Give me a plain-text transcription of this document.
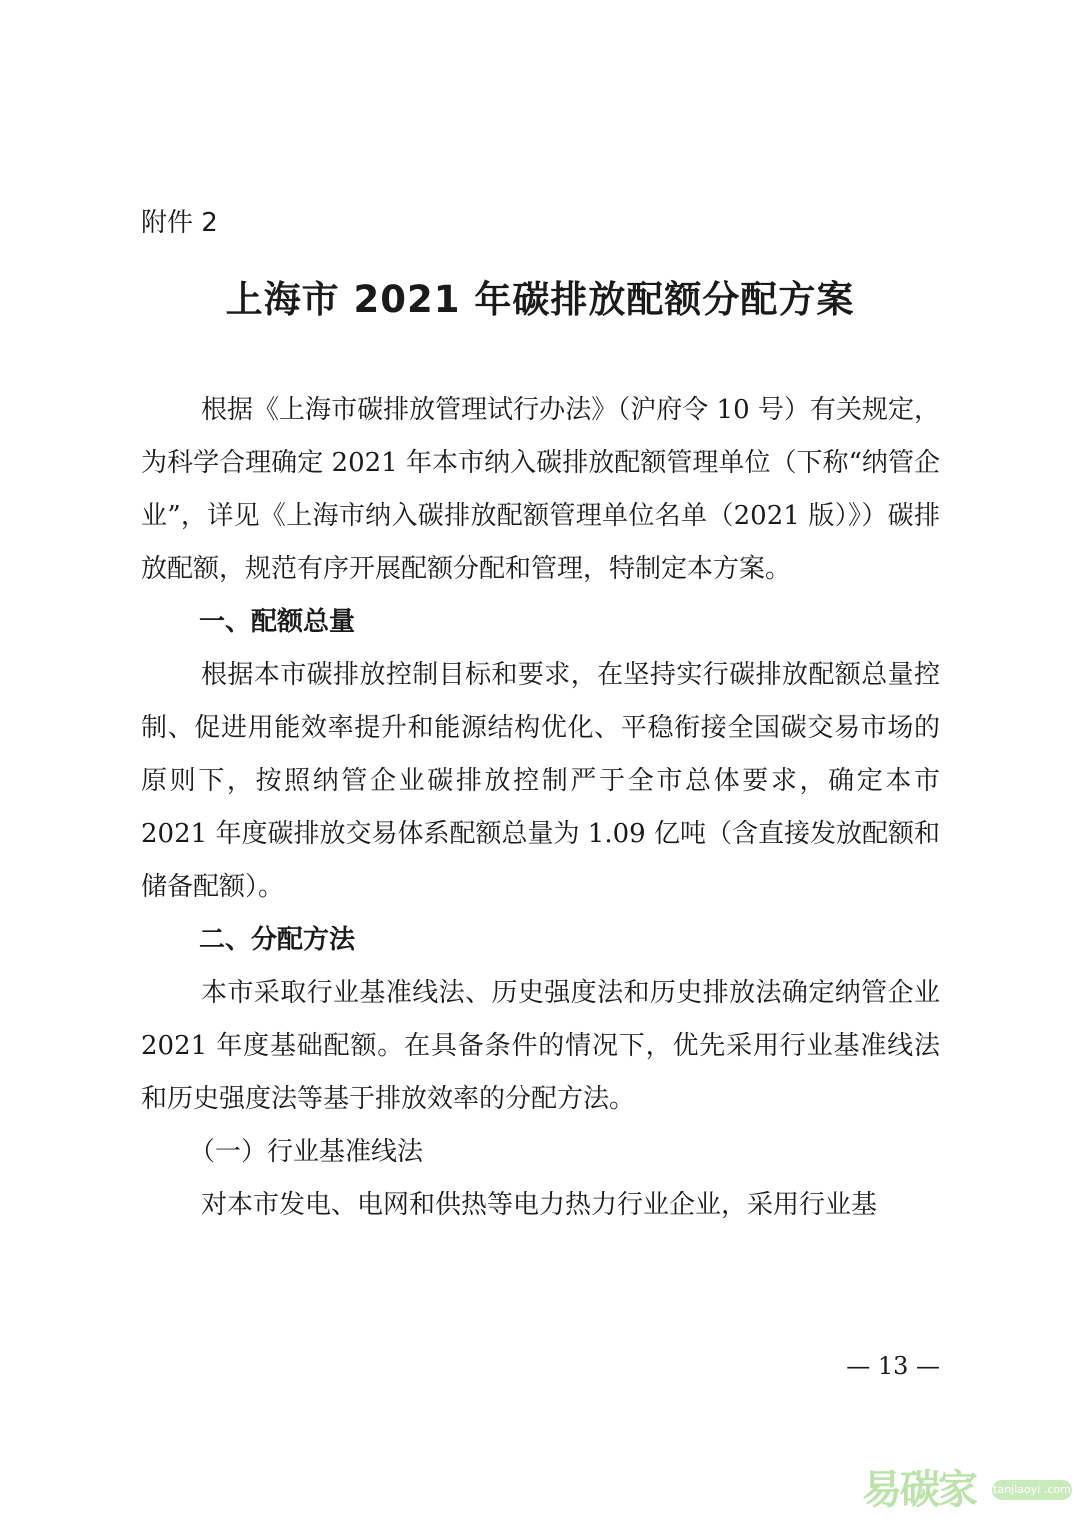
附件 2

上海市 2021 年碳排放配额分配方案

根据《上海市碳排放管理试行办法》（沪府令 10 号）有关规定，为科学合理确定 2021 年本市纳入碳排放配额管理单位（下称“纳管企业”，详见《上海市纳入碳排放配额管理单位名单（2021 版）》）碳排放配额，规范有序开展配额分配和管理，特制定本方案。

一、配额总量

根据本市碳排放控制目标和要求，在坚持实行碳排放配额总量控制、促进用能效率提升和能源结构优化、平稳衔接全国碳交易市场的原则下，按照纳管企业碳排放控制严于全市总体要求，确定本市 2021 年度碳排放交易体系配额总量为 1.09 亿吨（含直接发放配额和储备配额）。

二、分配方法

本市采取行业基准线法、历史强度法和历史排放法确定纳管企业 2021 年度基础配额。在具备条件的情况下，优先采用行业基准线法和历史强度法等基于排放效率的分配方法。

（一）行业基准线法

对本市发电、电网和供热等电力热力行业企业，采用行业基

— 13 —

易碳家 tanjiaoyi .com
